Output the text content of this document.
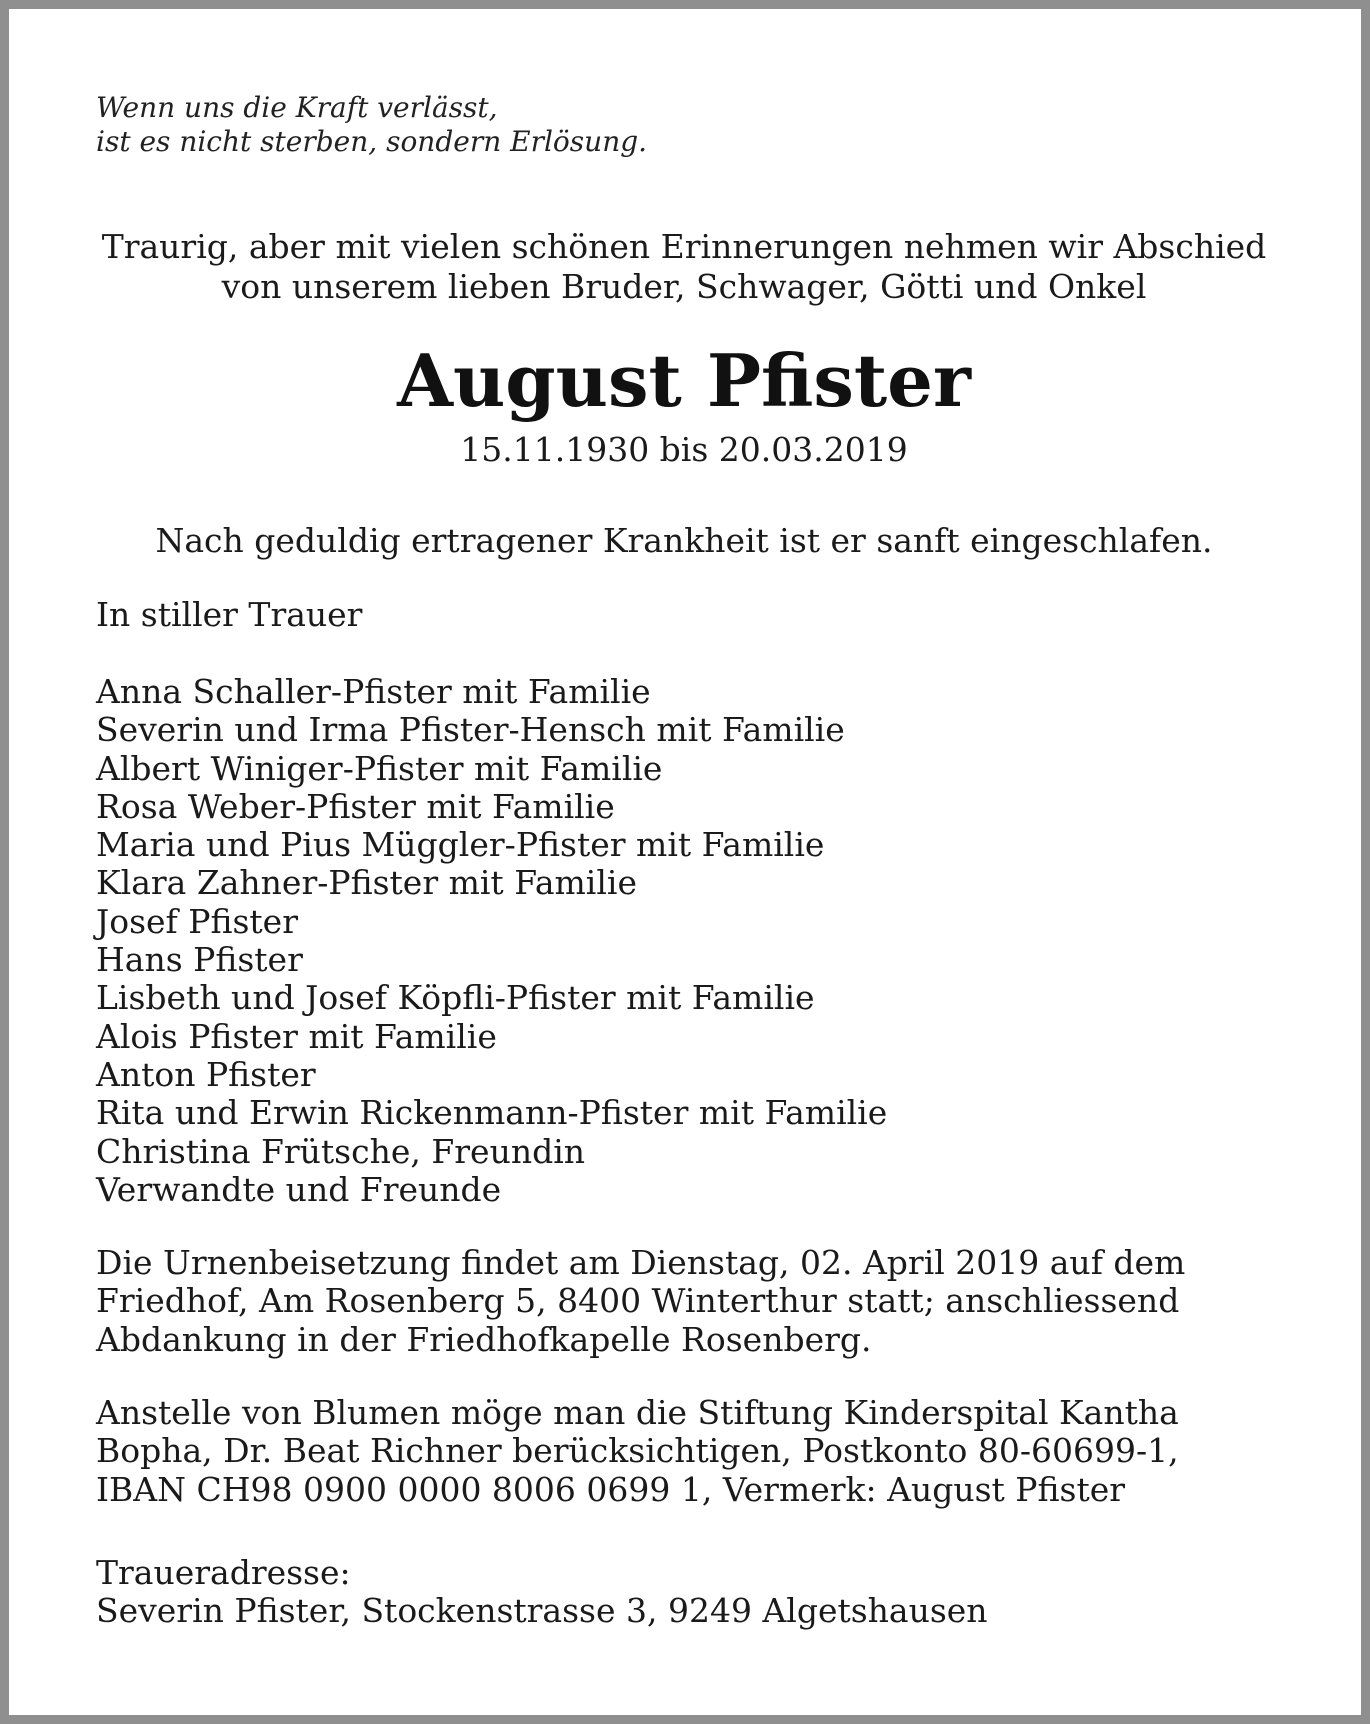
Wenn uns die Kraft verlässt,
ist es nicht sterben, sondern Erlösung.

Traurig, aber mit vielen schönen Erinnerungen nehmen wir Abschied
von unserem lieben Bruder, Schwager, Götti und Onkel

August Pfister

15.11.1930 bis 20.03.2019

Nach geduldig ertragener Krankheit ist er sanft eingeschlafen.

In stiller Trauer

Anna Schaller-Pfister mit Familie
Severin und Irma Pfister-Hensch mit Familie
Albert Winiger-Pfister mit Familie
Rosa Weber-Pfister mit Familie
Maria und Pius Müggler-Pfister mit Familie
Klara Zahner-Pfister mit Familie
Josef Pfister
Hans Pfister
Lisbeth und Josef Köpfli-Pfister mit Familie
Alois Pfister mit Familie
Anton Pfister
Rita und Erwin Rickenmann-Pfister mit Familie
Christina Frütsche, Freundin
Verwandte und Freunde

Die Urnenbeisetzung findet am Dienstag, 02. April 2019 auf dem
Friedhof, Am Rosenberg 5, 8400 Winterthur statt; anschliessend
Abdankung in der Friedhofkapelle Rosenberg.

Anstelle von Blumen möge man die Stiftung Kinderspital Kantha
Bopha, Dr. Beat Richner berücksichtigen, Postkonto 80-60699-1,
IBAN CH98 0900 0000 8006 0699 1, Vermerk: August Pfister

Traueradresse:

Severin Pfister, Stockenstrasse 3, 9249 Algetshausen
